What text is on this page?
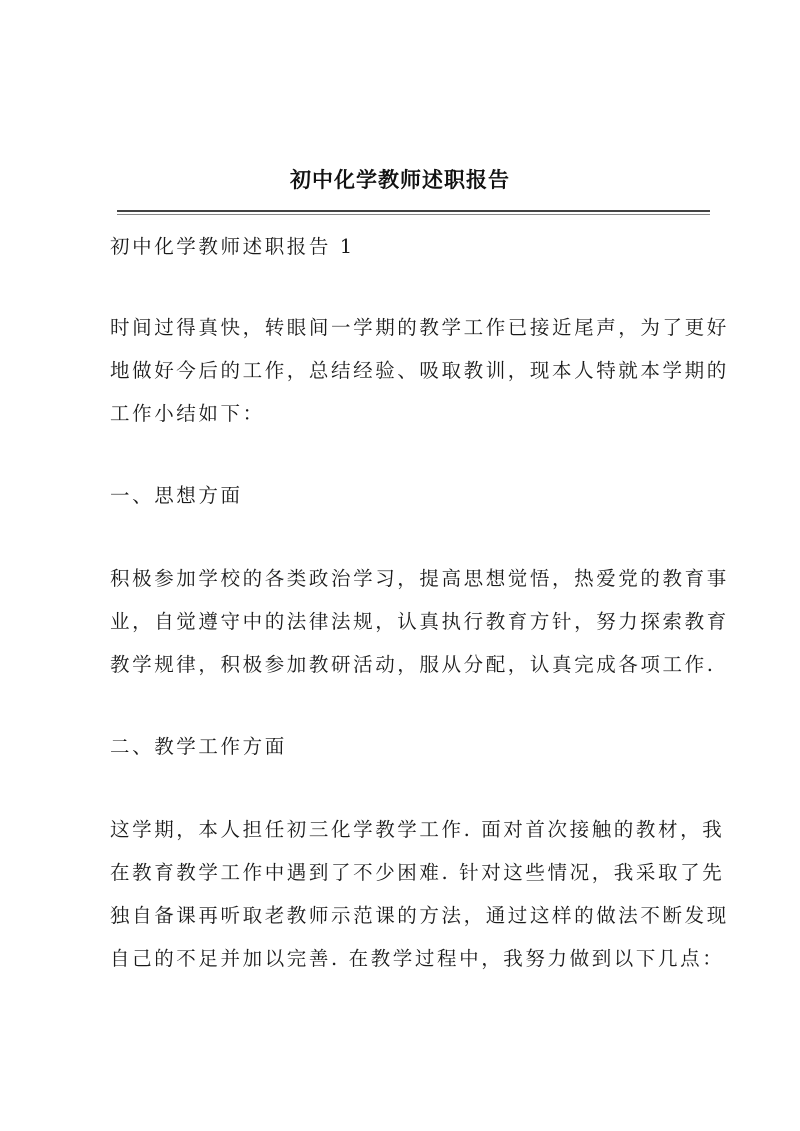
初中化学教师述职报告
初中化学教师述职报告 1
时间过得真快，转眼间一学期的教学工作已接近尾声，为了更好
地做好今后的工作，总结经验、吸取教训，现本人特就本学期的
工作小结如下：
一、思想方面
积极参加学校的各类政治学习，提高思想觉悟，热爱党的教育事
业，自觉遵守中的法律法规，认真执行教育方针，努力探索教育
教学规律，积极参加教研活动，服从分配，认真完成各项工作.
二、教学工作方面
这学期，本人担任初三化学教学工作. 面对首次接触的教材，我
在教育教学工作中遇到了不少困难. 针对这些情况，我采取了先
独自备课再听取老教师示范课的方法，通过这样的做法不断发现
自己的不足并加以完善. 在教学过程中，我努力做到以下几点：
